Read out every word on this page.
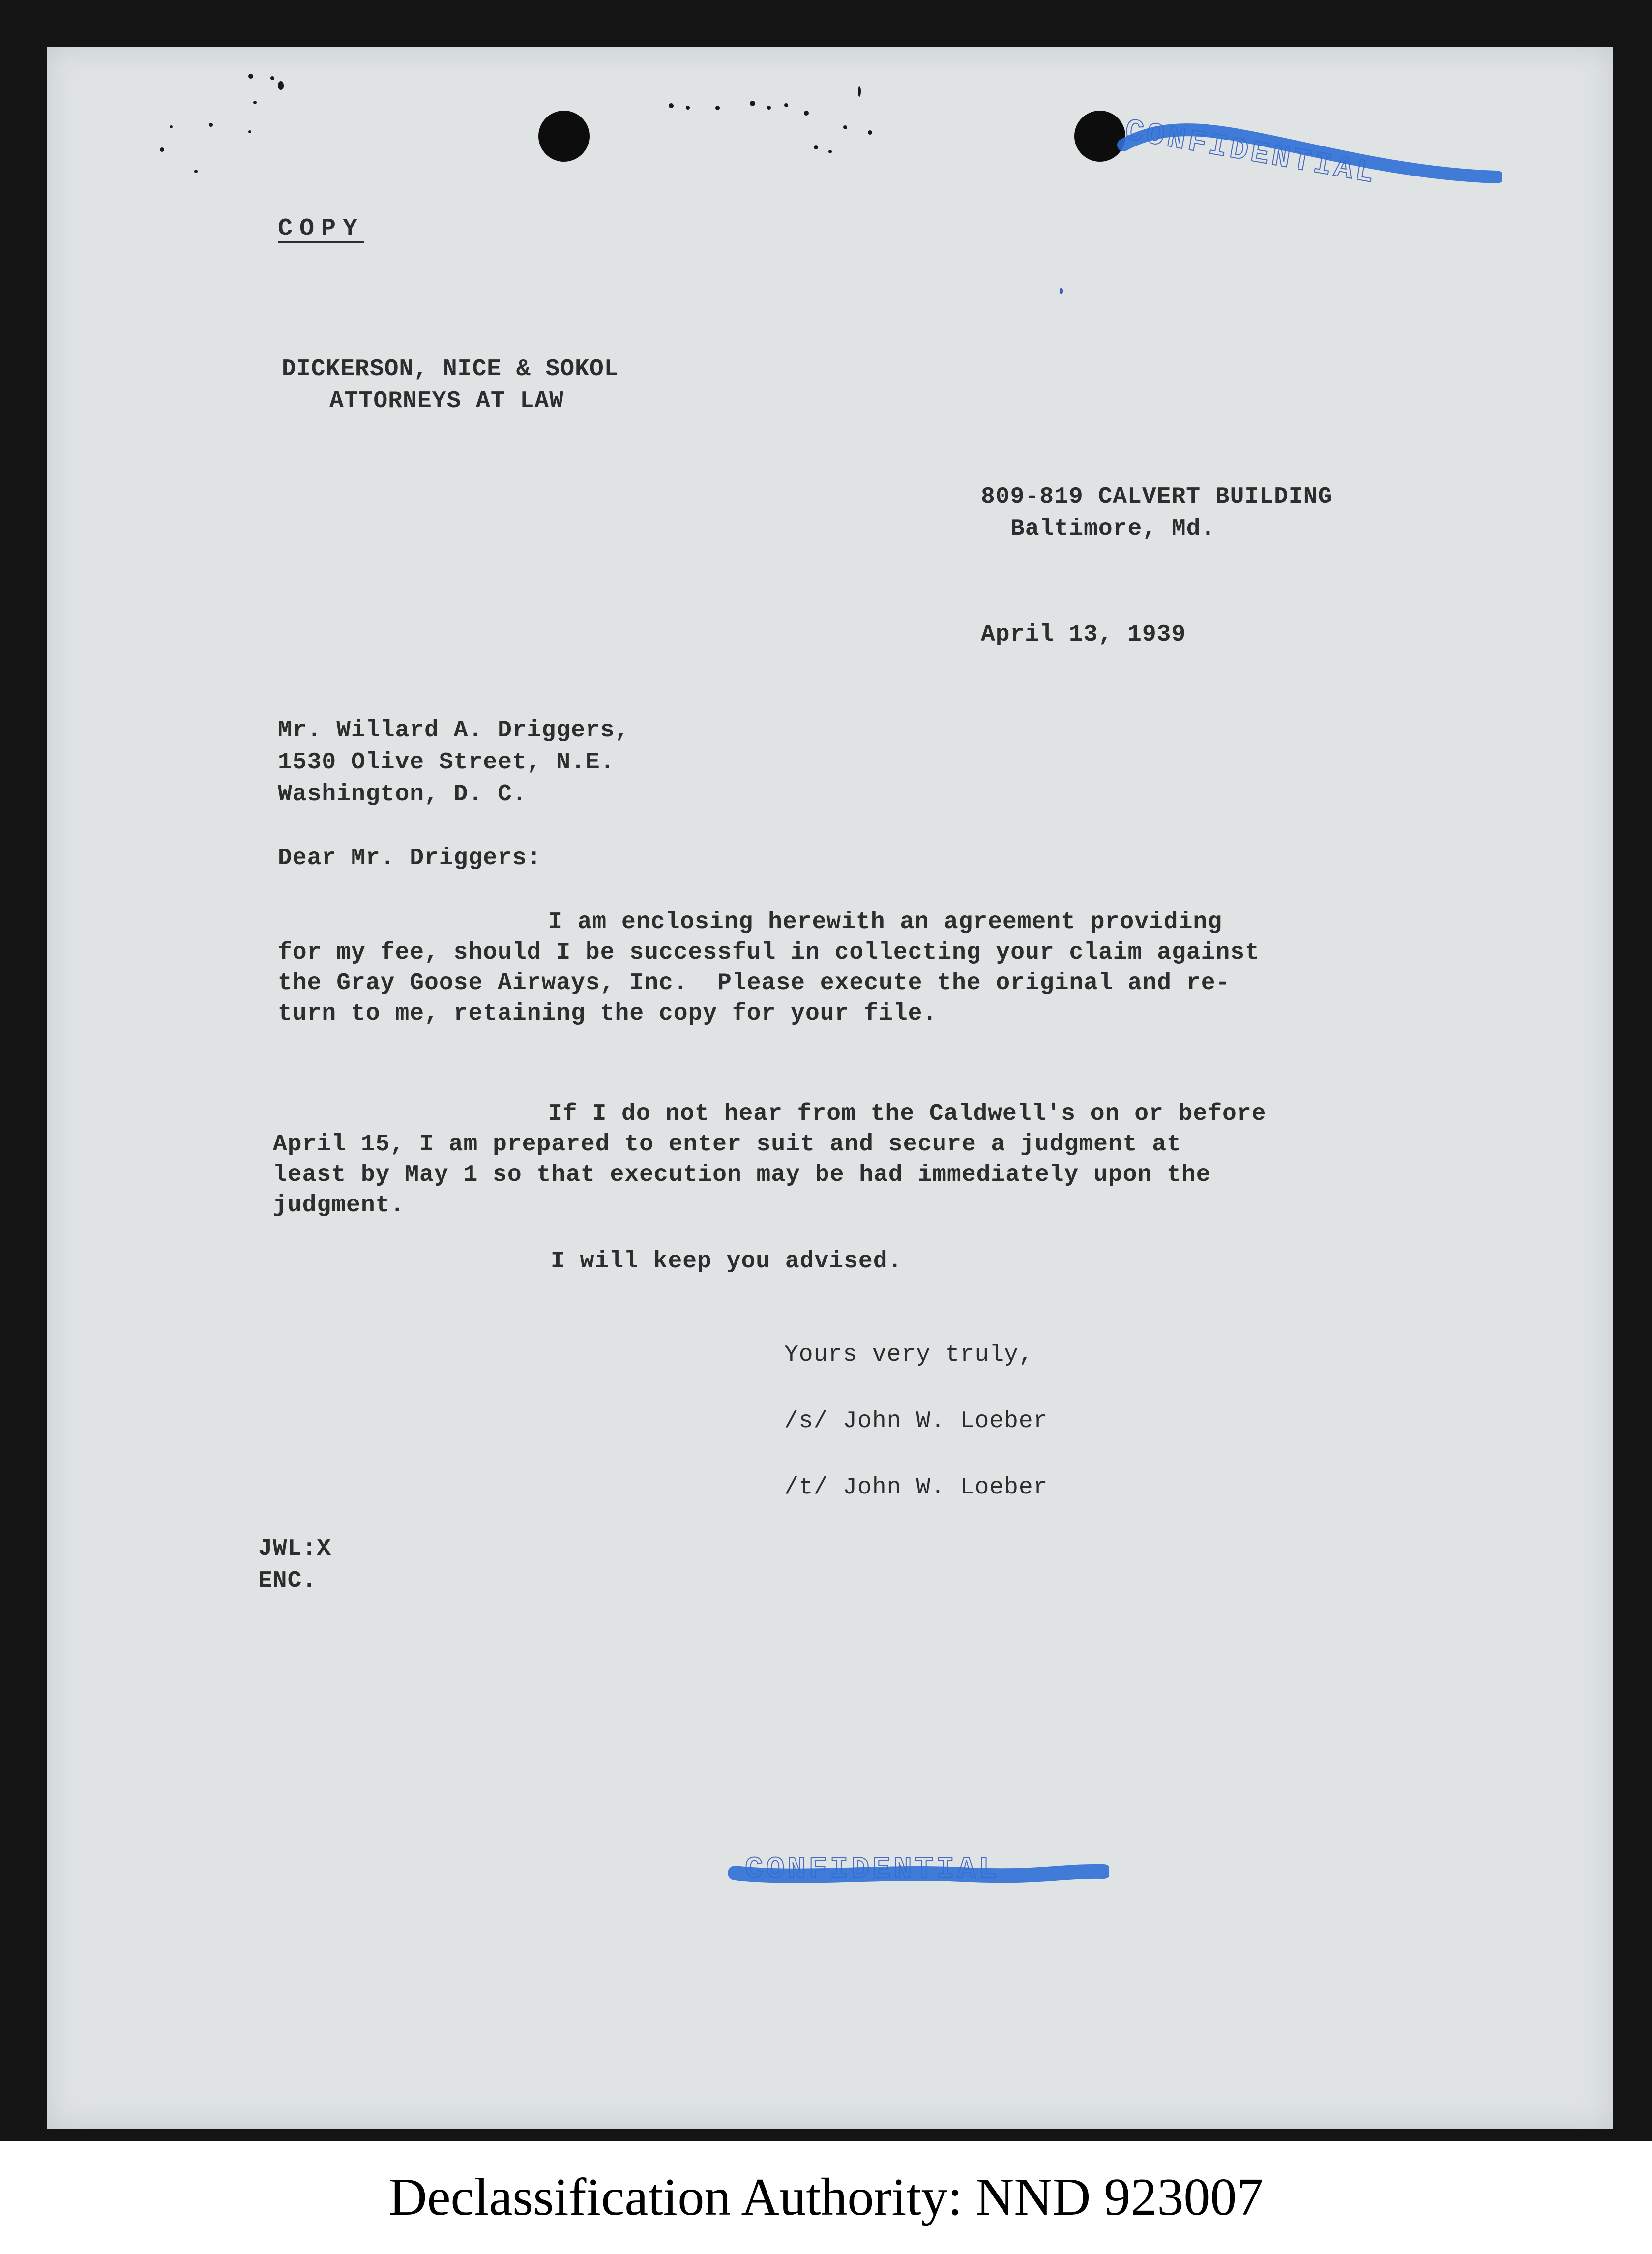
CONFIDENTIAL

COPY

DICKERSON, NICE & SOKOL

ATTORNEYS AT LAW

809-819 CALVERT BUILDING

Baltimore, Md.

April 13, 1939

Mr. Willard A. Driggers,

1530 Olive Street, N.E.

Washington, D. C.

Dear Mr. Driggers:

I am enclosing herewith an agreement providing
for my fee, should I be successful in collecting your claim against
the Gray Goose Airways, Inc.  Please execute the original and re-
turn to me, retaining the copy for your file.

If I do not hear from the Caldwell's on or before
April 15, I am prepared to enter suit and secure a judgment at
least by May 1 so that execution may be had immediately upon the
judgment.

I will keep you advised.

Yours very truly,

/s/ John W. Loeber

/t/ John W. Loeber

JWL:X

ENC.

CONFIDENTIAL
Declassification Authority: NND 923007
